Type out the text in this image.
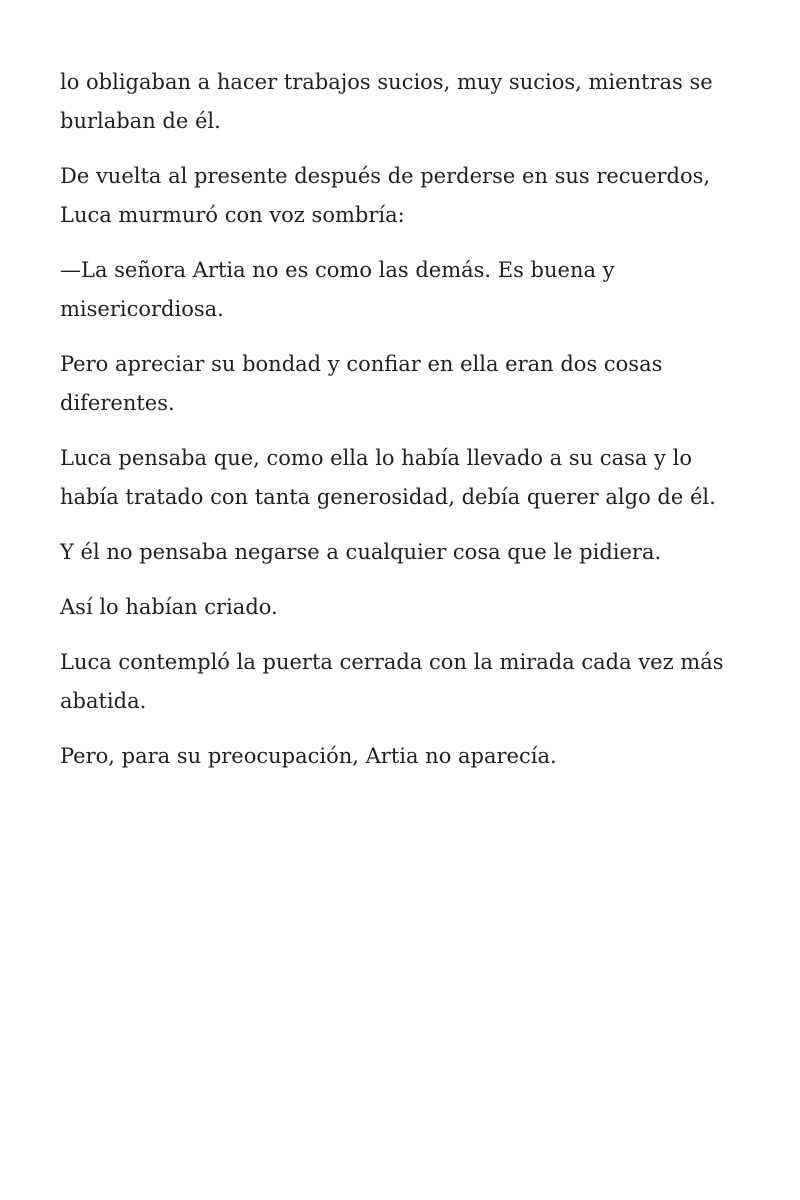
lo obligaban a hacer trabajos sucios, muy sucios, mientras se burlaban de él.

De vuelta al presente después de perderse en sus recuerdos, Luca murmuró con voz sombría:

—La señora Artia no es como las demás. Es buena y misericordiosa.

Pero apreciar su bondad y confiar en ella eran dos cosas diferentes.

Luca pensaba que, como ella lo había llevado a su casa y lo había tratado con tanta generosidad, debía querer algo de él.

Y él no pensaba negarse a cualquier cosa que le pidiera.

Así lo habían criado.

Luca contempló la puerta cerrada con la mirada cada vez más abatida.

Pero, para su preocupación, Artia no aparecía.
